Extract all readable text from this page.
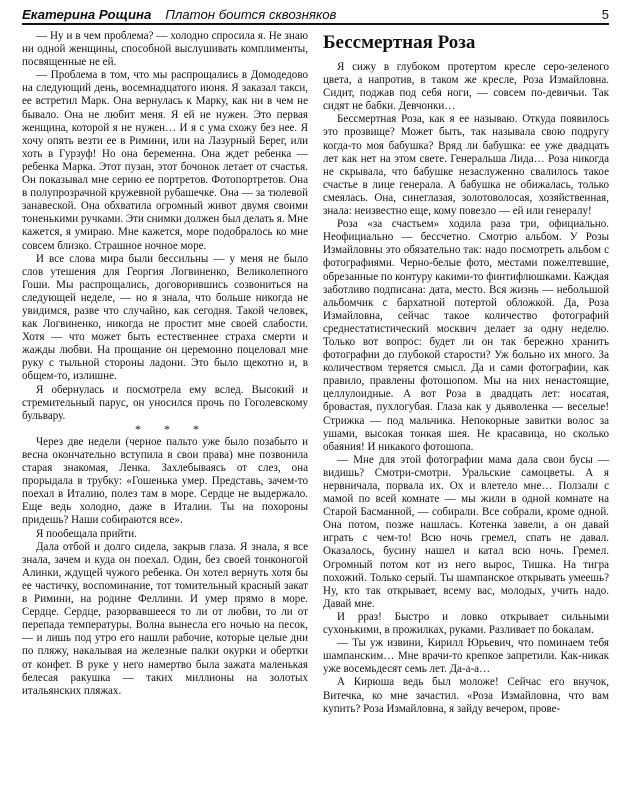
Екатерина Рощина Платон боится сквозняков	5

— Ну и в чем проблема? — холодно спросила я. Не знаю ни одной женщины, способной выслушивать комплименты, посвященные не ей.

— Проблема в том, что мы распрощались в Домодедово на следующий день, восемнадцатого июня. Я заказал такси, ее встретил Марк. Она вернулась к Марку, как ни в чем не бывало. Она не любит меня. Я ей не нужен. Это первая женщина, которой я не нужен… И я с ума схожу без нее. Я хочу опять везти ее в Римини, или на Лазурный Берег, или хоть в Гурзуф! Но она беременна. Она ждет ребенка — ребенка Марка. Этот пузан, этот бочонок летает от счастья. Он показывал мне серию ее портретов. Фотопортретов. Она в полупрозрачной кружевной рубашечке. Она — за тюлевой занавеской. Она обхватила огромный живот двумя своими тоненькими ручками. Эти снимки должен был делать я. Мне кажется, я умираю. Мне кажется, море подобралось ко мне совсем близко. Страшное ночное море.

И все слова мира были бессильны — у меня не было слов утешения для Георгия Логвиненко, Великолепного Гоши. Мы распрощались, договорившись созвониться на следующей неделе, — но я знала, что больше никогда не увидимся, разве что случайно, как сегодня. Такой человек, как Логвиненко, никогда не простит мне своей слабости. Хотя — что может быть естественнее страха смерти и жажды любви. На прощание он церемонно поцеловал мне руку с тыльной стороны ладони. Это было щекотно и, в общем-то, излишне.

Я обернулась и посмотрела ему вслед. Высокий и стремительный парус, он уносился прочь по Гоголевскому бульвару.

* * *

Через две недели (черное пальто уже было позабыто и весна окончательно вступила в свои права) мне позвонила старая знакомая, Ленка. Захлебываясь от слез, она прорыдала в трубку: «Гошенька умер. Представь, зачем-то поехал в Италию, полез там в море. Сердце не выдержало. Еще ведь холодно, даже в Италии. Ты на похороны придешь? Наши собираются все».

Я пообещала прийти.

Дала отбой и долго сидела, закрыв глаза. Я знала, я все знала, зачем и куда он поехал. Один, без своей тонконогой Алинки, ждущей чужого ребенка. Он хотел вернуть хотя бы ее частичку, воспоминание, тот томительный красный закат в Римини, на родине Феллини. И умер прямо в море. Сердце. Сердце, разорвавшееся то ли от любви, то ли от перепада температуры. Волна вынесла его ночью на песок, — и лишь под утро его нашли рабочие, которые целые дни по пляжу, накалывая на железные палки окурки и обертки от конфет. В руке у него намертво была зажата маленькая белесая ракушка — таких миллионы на золотых итальянских пляжах.

Бессмертная Роза

Я сижу в глубоком протертом кресле серо-зеленого цвета, а напротив, в таком же кресле, Роза Измайловна. Сидит, поджав под себя ноги, — совсем по-девичьи. Так сидят не бабки. Девчонки…

Бессмертная Роза, как я ее называю. Откуда появилось это прозвище? Может быть, так называла свою подругу когда-то моя бабушка? Вряд ли бабушка: ее уже двадцать лет как нет на этом свете. Генеральша Лида… Роза никогда не скрывала, что бабушке незаслуженно свалилось такое счастье в лице генерала. А бабушка не обижалась, только смеялась. Она, синеглазая, золотоволосая, хозяйственная, знала: неизвестно еще, кому повезло — ей или генералу!

Роза «за счастьем» ходила раза три, официально. Неофициально — бессчетно. Смотрю альбом. У Розы Измайловны это обязательно так: надо посмотреть альбом с фотографиями. Черно-белые фото, местами пожелтевшие, обрезанные по контуру какими-то финтифлюшками. Каждая заботливо подписана: дата, место. Вся жизнь — небольшой альбомчик с бархатной потертой обложкой. Да, Роза Измайловна, сейчас такое количество фотографий среднестатистический москвич делает за одну неделю. Только вот вопрос: будет ли он так бережно хранить фотографии до глубокой старости? Уж больно их много. За количеством теряется смысл. Да и сами фотографии, как правило, правлены фотошопом. Мы на них ненастоящие, целлулоидные. А вот Роза в двадцать лет: носатая, бровастая, пухлогубая. Глаза как у дьяволенка — веселые! Стрижка — под мальчика. Непокорные завитки волос за ушами, высокая тонкая шея. Не красавица, но сколько обаяния! И никакого фотошопа.

— Мне для этой фотографии мама дала свои бусы — видишь? Смотри-смотри. Уральские самоцветы. А я нервничала, порвала их. Ох и влетело мне… Ползали с мамой по всей комнате — мы жили в одной комнате на Старой Басманной, — собирали. Все собрали, кроме одной. Она потом, позже нашлась. Котенка завели, а он давай играть с чем-то! Всю ночь гремел, спать не давал. Оказалось, бусину нашел и катал всю ночь. Гремел. Огромный потом кот из него вырос, Тишка. На тигра похожий. Только серый. Ты шампанское открывать умеешь? Ну, кто так открывает, всему вас, молодых, учить надо. Давай мне.

И рраз! Быстро и ловко открывает сильными сухонькими, в прожилках, руками. Разливает по бокалам.

— Ты уж извини, Кирилл Юрьевич, что поминаем тебя шампанским… Мне врачи-то крепкое запретили. Как-никак уже восемьдесят семь лет. Да-а-а…

А Кирюша ведь был моложе! Сейчас его внучок, Витечка, ко мне зачастил. «Роза Измайловна, что вам купить? Роза Измайловна, я зайду вечером, прове-
